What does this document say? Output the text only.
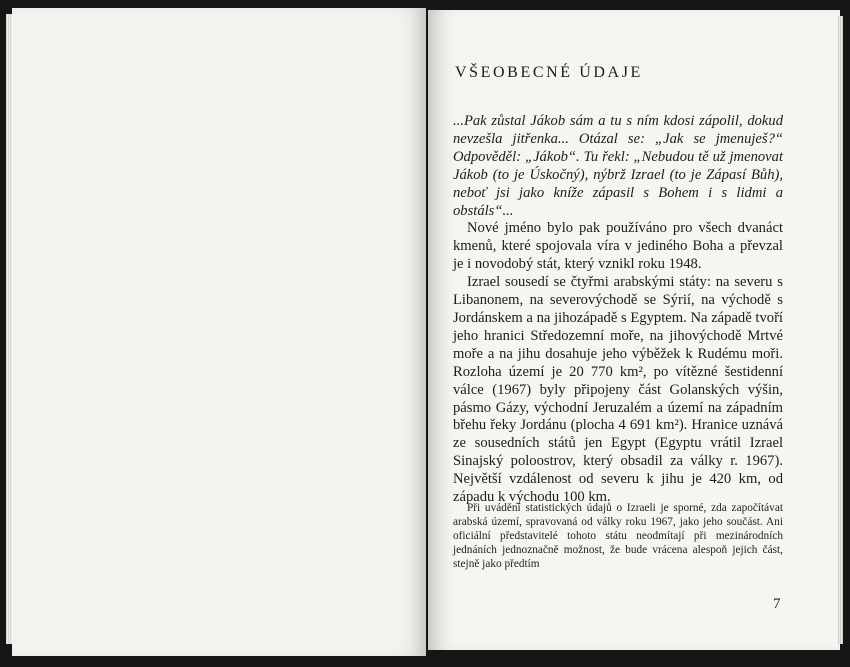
VŠEOBECNÉ ÚDAJE

...Pak zůstal Jákob sám a tu s ním kdosi zápolil, dokud nevzešla jitřenka... Otázal se: „Jak se jmenuješ?“ Odpověděl: „Jákob“. Tu řekl: „Nebudou tě už jmenovat Jákob (to je Úskočný), nýbrž Izrael (to je Zápasí Bůh), neboť jsi jako kníže zápasil s Bohem i s lidmi a obstáls“...

Nové jméno bylo pak používáno pro všech dvanáct kmenů, které spojovala víra v jediného Boha a převzal je i novodobý stát, který vznikl roku 1948.

Izrael sousedí se čtyřmi arabskými státy: na severu s Libanonem, na severovýchodě se Sýrií, na východě s Jordánskem a na jihozápadě s Egyptem. Na západě tvoří jeho hranici Středozemní moře, na jihovýchodě Mrtvé moře a na jihu dosahuje jeho výběžek k Rudému moři. Rozloha území je 20 770 km², po vítězné šestidenní válce (1967) byly připojeny část Golanských výšin, pásmo Gázy, východní Jeruzalém a území na západním břehu řeky Jordánu (plocha 4 691 km²). Hranice uznává ze sousedních států jen Egypt (Egyptu vrátil Izrael Sinajský poloostrov, který obsadil za války r. 1967). Největší vzdálenost od severu k jihu je 420 km, od západu k východu 100 km.

Při uvádění statistických údajů o Izraeli je sporné, zda započítávat arabská území, spravovaná od války roku 1967, jako jeho součást. Ani oficiální představitelé tohoto státu neodmítají při mezinárodních jednáních jednoznačně možnost, že bude vrácena alespoň jejich část, stejně jako předtím

7
